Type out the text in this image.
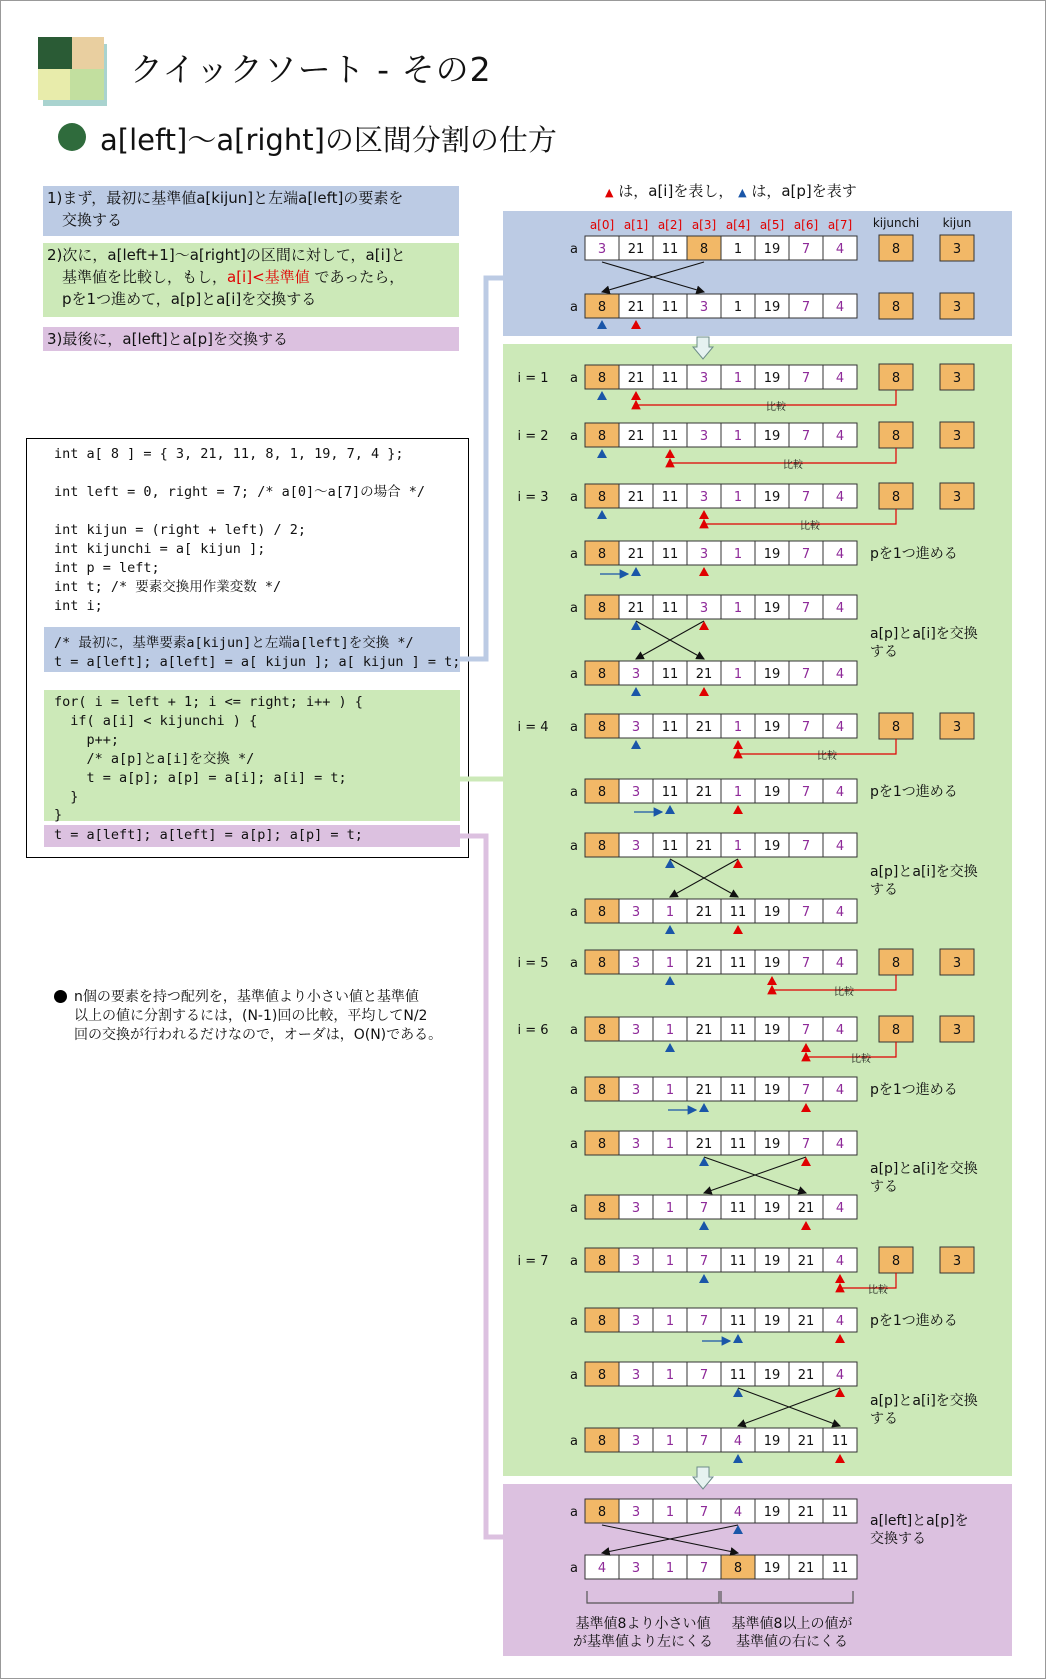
クイックソート - その2
a[left]〜a[right]の区間分割の仕方
1)まず，最初に基準値a[kijun]と左端a[left]の要素を
交換する
2)次に，a[left+1]〜a[right]の区間に対して，a[i]と
基準値を比較し，もし，a[i]<基準値 であったら，
pを1つ進めて，a[p]とa[i]を交換する
3)最後に，a[left]とa[p]を交換する
▲ は，a[i]を表し， ▲ は，a[p]を表す
int a[ 8 ] = { 3, 21, 11, 8, 1, 19, 7, 4 };
int left = 0, right = 7; /* a[0]〜a[7]の場合 */
int kijun = (right + left) / 2;
int kijunchi = a[ kijun ];
int p = left;
int t; /* 要素交換用作業変数 */
int i;
/* 最初に，基準要素a[kijun]と左端a[left]を交換 */
t = a[left]; a[left] = a[ kijun ]; a[ kijun ] = t;
for( i = left + 1; i <= right; i++ ) {
if( a[i] < kijunchi ) {
p++;
/* a[p]とa[i]を交換 */
t = a[p]; a[p] = a[i]; a[i] = t;
}
}
t = a[left]; a[left] = a[p]; a[p] = t;
n個の要素を持つ配列を，基準値より小さい値と基準値
以上の値に分割するには，(N-1)回の比較，平均してN/2
回の交換が行われるだけなので，オーダは，O(N)である。
a[0] a[1] a[2] a[3] a[4] a[5] a[6] a[7] kijunchi kijun
a 3 21 11 8 1 19 7 4	8	3
a 8 21 11 3 1 19 7 4	8	3
i = 1 a 8 21 11 3 1 19 7 4	8	3
比較
i = 2 a 8 21 11 3 1 19 7 4	8	3
比較
i = 3 a 8 21 11 3 1 19 7 4	8	3
比較
a 8 21 11 3 1 19 7 4 pを1つ進める
a 8 21 11 3 1 19 7 4
a 8 3 11 21 1 19 7 4
i = 4 a 8 3 11 21 1 19 7 4	8	3
比較
a 8 3 11 21 1 19 7 4 pを1つ進める
a 8 3 11 21 1 19 7 4
a 8 3 1 21 11 19 7 4
i = 5 a 8 3 1 21 11 19 7 4	8	3
比較
i = 6 a 8 3 1 21 11 19 7 4	8	3
比較
a 8 3 1 21 11 19 7 4 pを1つ進める
a 8 3 1 21 11 19 7 4
a 8 3 1 7 11 19 21 4
i = 7 a 8 3 1 7 11 19 21 4	8	3
比較
a 8 3 1 7 11 19 21 4 pを1つ進める
a 8 3 1 7 11 19 21 4
a 8 3 1 7 4 19 21 11
a 8 3 1 7 4 19 21 11
a 4 3 1 7 8 19 21 11
a[p]とa[i]を交換
する
a[p]とa[i]を交換
する
a[p]とa[i]を交換
する
a[p]とa[i]を交換
する
a[left]とa[p]を
交換する
基準値8より小さい値
が基準値より左にくる
基準値8以上の値が
基準値の右にくる
